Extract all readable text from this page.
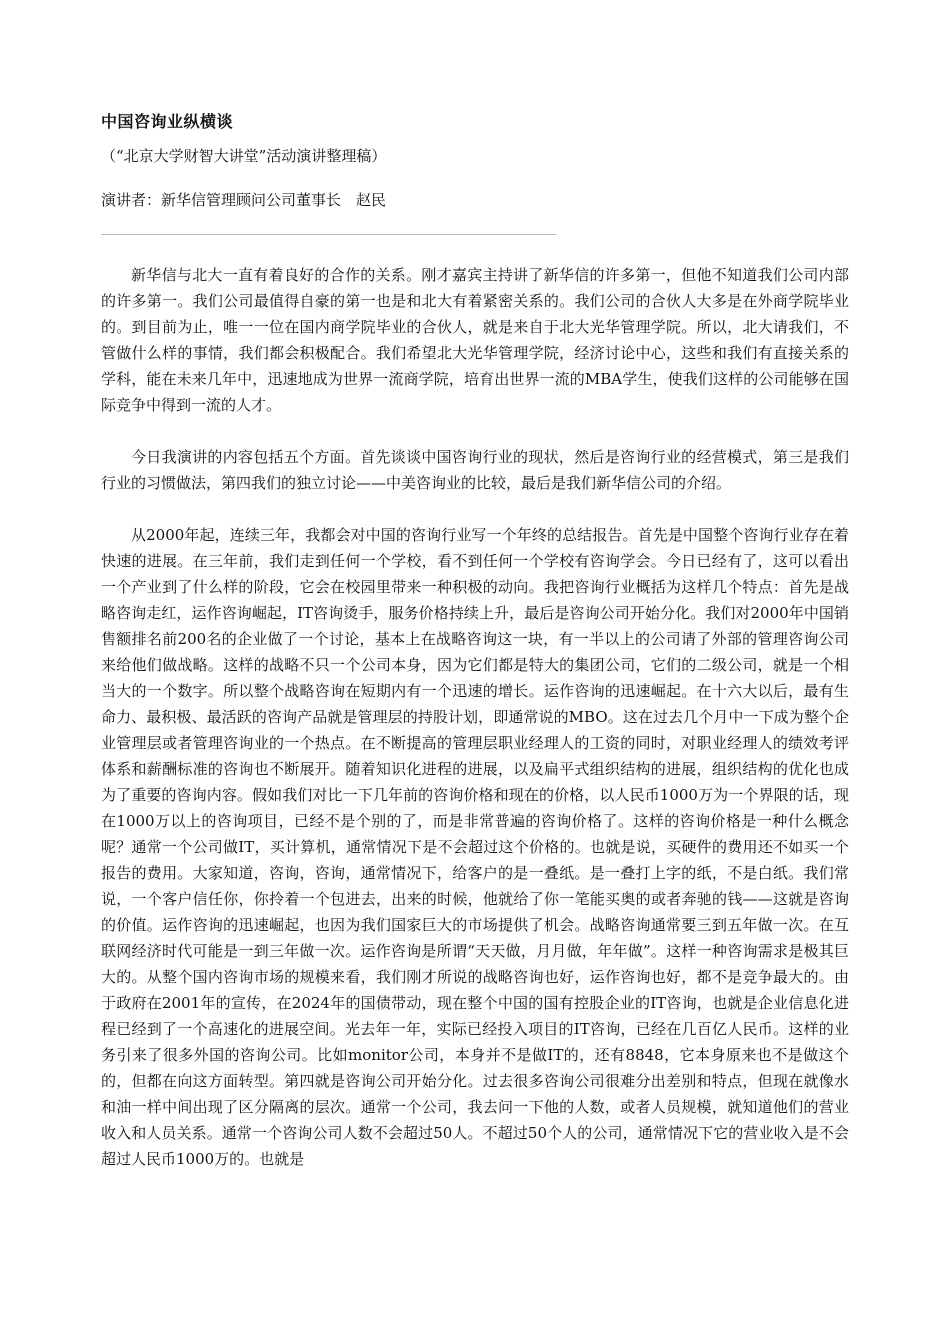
中国咨询业纵横谈
（“北京大学财智大讲堂”活动演讲整理稿）
演讲者：新华信管理顾问公司董事长　赵民
____________________________________________________________________________________

新华信与北大一直有着良好的合作的关系。刚才嘉宾主持讲了新华信的许多第一，但他不知道我们公司内部的许多第一。我们公司最值得自豪的第一也是和北大有着紧密关系的。我们公司的合伙人大多是在外商学院毕业的。到目前为止，唯一一位在国内商学院毕业的合伙人，就是来自于北大光华管理学院。所以，北大请我们，不管做什么样的事情，我们都会积极配合。我们希望北大光华管理学院，经济讨论中心，这些和我们有直接关系的学科，能在未来几年中，迅速地成为世界一流商学院，培育出世界一流的MBA学生，使我们这样的公司能够在国际竞争中得到一流的人才。

今日我演讲的内容包括五个方面。首先谈谈中国咨询行业的现状，然后是咨询行业的经营模式，第三是我们行业的习惯做法，第四我们的独立讨论——中美咨询业的比较，最后是我们新华信公司的介绍。

从2000年起，连续三年，我都会对中国的咨询行业写一个年终的总结报告。首先是中国整个咨询行业存在着快速的进展。在三年前，我们走到任何一个学校，看不到任何一个学校有咨询学会。今日已经有了，这可以看出一个产业到了什么样的阶段，它会在校园里带来一种积极的动向。我把咨询行业概括为这样几个特点：首先是战略咨询走红，运作咨询崛起，IT咨询烫手，服务价格持续上升，最后是咨询公司开始分化。我们对2000年中国销售额排名前200名的企业做了一个讨论，基本上在战略咨询这一块，有一半以上的公司请了外部的管理咨询公司来给他们做战略。这样的战略不只一个公司本身，因为它们都是特大的集团公司，它们的二级公司，就是一个相当大的一个数字。所以整个战略咨询在短期内有一个迅速的增长。运作咨询的迅速崛起。在十六大以后，最有生命力、最积极、最活跃的咨询产品就是管理层的持股计划，即通常说的MBO。这在过去几个月中一下成为整个企业管理层或者管理咨询业的一个热点。在不断提高的管理层职业经理人的工资的同时，对职业经理人的绩效考评体系和薪酬标准的咨询也不断展开。随着知识化进程的进展，以及扁平式组织结构的进展，组织结构的优化也成为了重要的咨询内容。假如我们对比一下几年前的咨询价格和现在的价格，以人民币1000万为一个界限的话，现在1000万以上的咨询项目，已经不是个别的了，而是非常普遍的咨询价格了。这样的咨询价格是一种什么概念呢？通常一个公司做IT，买计算机，通常情况下是不会超过这个价格的。也就是说，买硬件的费用还不如买一个报告的费用。大家知道，咨询，咨询，通常情况下，给客户的是一叠纸。是一叠打上字的纸，不是白纸。我们常说，一个客户信任你，你拎着一个包进去，出来的时候，他就给了你一笔能买奥的或者奔驰的钱——这就是咨询的价值。运作咨询的迅速崛起，也因为我们国家巨大的市场提供了机会。战略咨询通常要三到五年做一次。在互联网经济时代可能是一到三年做一次。运作咨询是所谓“天天做，月月做，年年做”。这样一种咨询需求是极其巨大的。从整个国内咨询市场的规模来看，我们刚才所说的战略咨询也好，运作咨询也好，都不是竞争最大的。由于政府在2001年的宣传，在2024年的国债带动，现在整个中国的国有控股企业的IT咨询，也就是企业信息化进程已经到了一个高速化的进展空间。光去年一年，实际已经投入项目的IT咨询，已经在几百亿人民币。这样的业务引来了很多外国的咨询公司。比如monitor公司，本身并不是做IT的，还有8848，它本身原来也不是做这个的，但都在向这方面转型。第四就是咨询公司开始分化。过去很多咨询公司很难分出差别和特点，但现在就像水和油一样中间出现了区分隔离的层次。通常一个公司，我去问一下他的人数，或者人员规模，就知道他们的营业收入和人员关系。通常一个咨询公司人数不会超过50人。不超过50个人的公司，通常情况下它的营业收入是不会超过人民币1000万的。也就是
